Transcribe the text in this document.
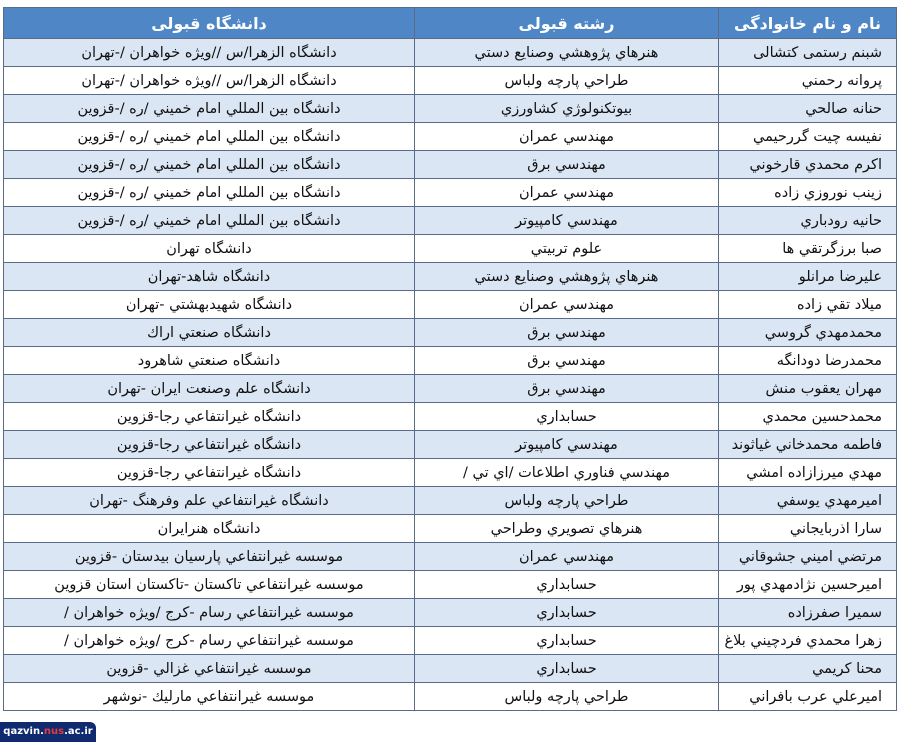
نام و نام خانوادگی	رشته قبولی	دانشگاه قبولی
شبنم رستمی کتشالی	هنرهاي پژوهشي وصنايع دستي	دانشگاه الزهرا/س //ويژه خواهران /-تهران
پروانه رحمني	طراحي پارچه ولباس	دانشگاه الزهرا/س //ويژه خواهران /-تهران
حنانه صالحي	بيوتكنولوژي كشاورزي	دانشگاه بين المللي امام خميني /ره /-قزوين
نفيسه چيت گررحيمي	مهندسي عمران	دانشگاه بين المللي امام خميني /ره /-قزوين
اكرم محمدي قارخوني	مهندسي برق	دانشگاه بين المللي امام خميني /ره /-قزوين
زينب نوروزي زاده	مهندسي عمران	دانشگاه بين المللي امام خميني /ره /-قزوين
حانيه رودباري	مهندسي كامپيوتر	دانشگاه بين المللي امام خميني /ره /-قزوين
صبا برزگرتقي ها	علوم تربيتي	دانشگاه تهران
عليرضا مرانلو	هنرهاي پژوهشي وصنايع دستي	دانشگاه شاهد-تهران
ميلاد تقي زاده	مهندسي عمران	دانشگاه شهيدبهشتي -تهران
محمدمهدي گروسي	مهندسي برق	دانشگاه صنعتي اراك
محمدرضا دودانگه	مهندسي برق	دانشگاه صنعتي شاهرود
مهران يعقوب منش	مهندسي برق	دانشگاه علم وصنعت ايران -تهران
محمدحسين محمدي	حسابداري	دانشگاه غيرانتفاعي رجا-قزوين
فاطمه محمدخاني غياثوند	مهندسي كامپيوتر	دانشگاه غيرانتفاعي رجا-قزوين
مهدي ميرزازاده امشي	مهندسي فناوري اطلاعات /اي تي /	دانشگاه غيرانتفاعي رجا-قزوين
اميرمهدي يوسفي	طراحي پارچه ولباس	دانشگاه غيرانتفاعي علم وفرهنگ -تهران
سارا اذربايجاني	هنرهاي تصويري وطراحي	دانشگاه هنرايران
مرتضي اميني جشوقاني	مهندسي عمران	موسسه غيرانتفاعي پارسيان بيدستان -قزوين
اميرحسين نژادمهدي پور	حسابداري	موسسه غيرانتفاعي تاكستان -تاكستان استان قزوين
سميرا صفرزاده	حسابداري	موسسه غيرانتفاعي رسام -كرج /ويژه خواهران /
زهرا محمدي فردچيني بلاغ	حسابداري	موسسه غيرانتفاعي رسام -كرج /ويژه خواهران /
محنا كريمي	حسابداري	موسسه غيرانتفاعي غزالي -قزوين
اميرعلي عرب بافراني	طراحي پارچه ولباس	موسسه غيرانتفاعي مارليك -نوشهر
qazvin.nus.ac.ir
